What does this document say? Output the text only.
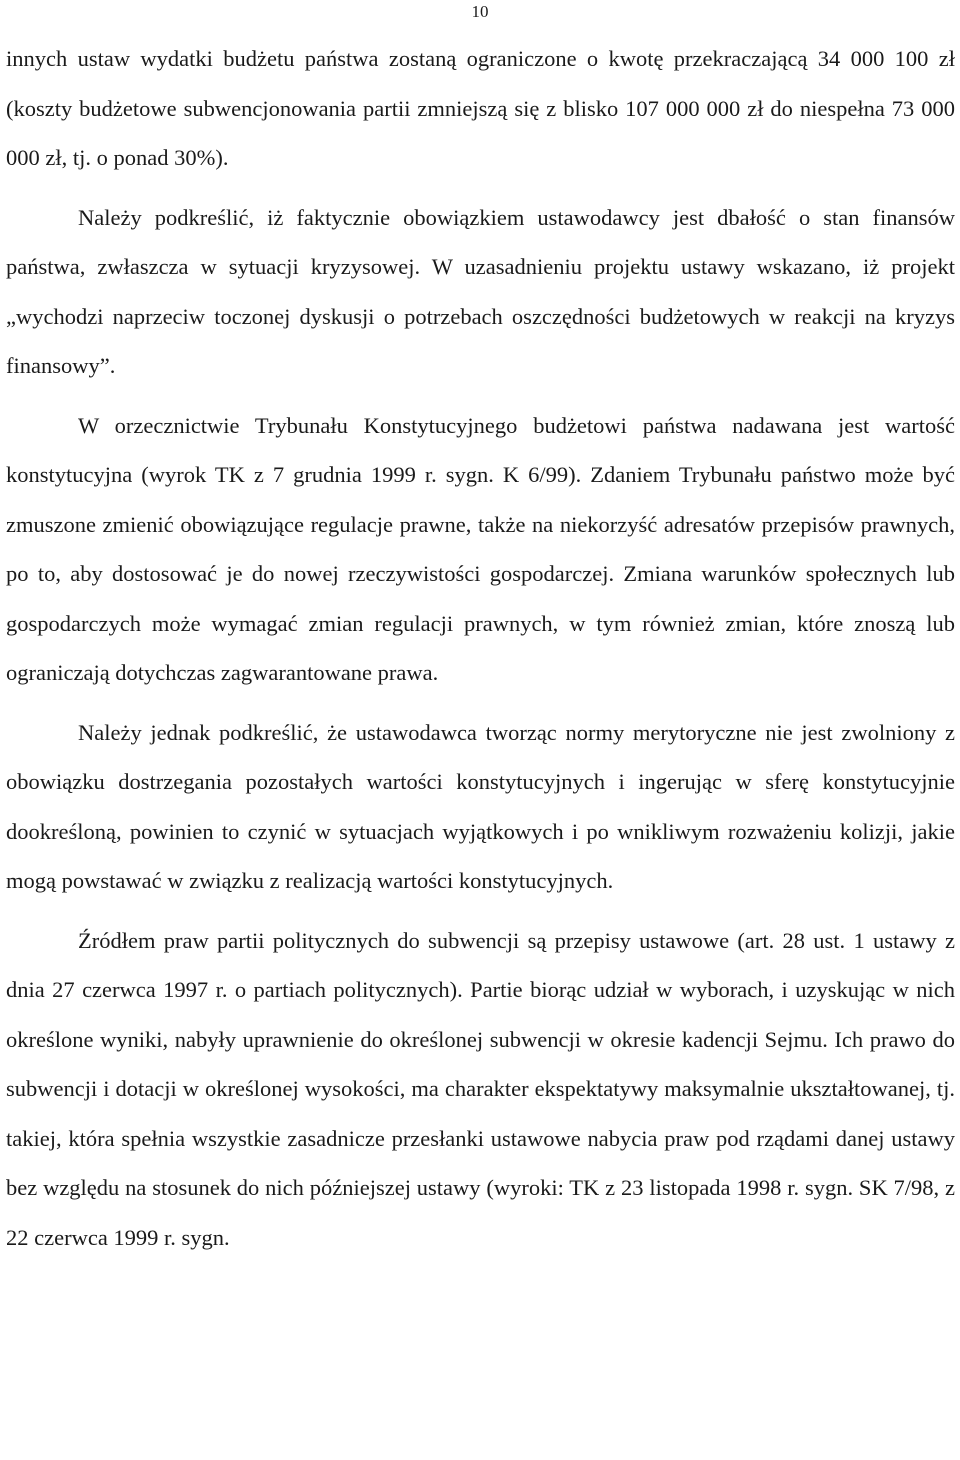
10

innych ustaw wydatki budżetu państwa zostaną ograniczone o kwotę przekraczającą 34 000 100 zł (koszty budżetowe subwencjonowania partii zmniejszą się z blisko 107 000 000 zł do niespełna 73 000 000 zł, tj. o ponad 30%).

Należy podkreślić, iż faktycznie obowiązkiem ustawodawcy jest dbałość o stan finansów państwa, zwłaszcza w sytuacji kryzysowej. W uzasadnieniu projektu ustawy wskazano, iż projekt „wychodzi naprzeciw toczonej dyskusji o potrzebach oszczędności budżetowych w reakcji na kryzys finansowy”.

W orzecznictwie Trybunału Konstytucyjnego budżetowi państwa nadawana jest wartość konstytucyjna (wyrok TK z 7 grudnia 1999 r. sygn. K 6/99). Zdaniem Trybunału państwo może być zmuszone zmienić obowiązujące regulacje prawne, także na niekorzyść adresatów przepisów prawnych, po to, aby dostosować je do nowej rzeczywistości gospodarczej. Zmiana warunków społecznych lub gospodarczych może wymagać zmian regulacji prawnych, w tym również zmian, które znoszą lub ograniczają dotychczas zagwarantowane prawa.

Należy jednak podkreślić, że ustawodawca tworząc normy merytoryczne nie jest zwolniony z obowiązku dostrzegania pozostałych wartości konstytucyjnych i ingerując w sferę konstytucyjnie dookreśloną, powinien to czynić w sytuacjach wyjątkowych i po wnikliwym rozważeniu kolizji, jakie mogą powstawać w związku z realizacją wartości konstytucyjnych.

Źródłem praw partii politycznych do subwencji są przepisy ustawowe (art. 28 ust. 1 ustawy z dnia 27 czerwca 1997 r. o partiach politycznych). Partie biorąc udział w wyborach, i uzyskując w nich określone wyniki, nabyły uprawnienie do określonej subwencji w okresie kadencji Sejmu. Ich prawo do subwencji i dotacji w określonej wysokości, ma charakter ekspektatywy maksymalnie ukształtowanej, tj. takiej, która spełnia wszystkie zasadnicze przesłanki ustawowe nabycia praw pod rządami danej ustawy bez względu na stosunek do nich późniejszej ustawy (wyroki: TK z 23 listopada 1998 r. sygn. SK 7/98, z 22 czerwca 1999 r. sygn.
